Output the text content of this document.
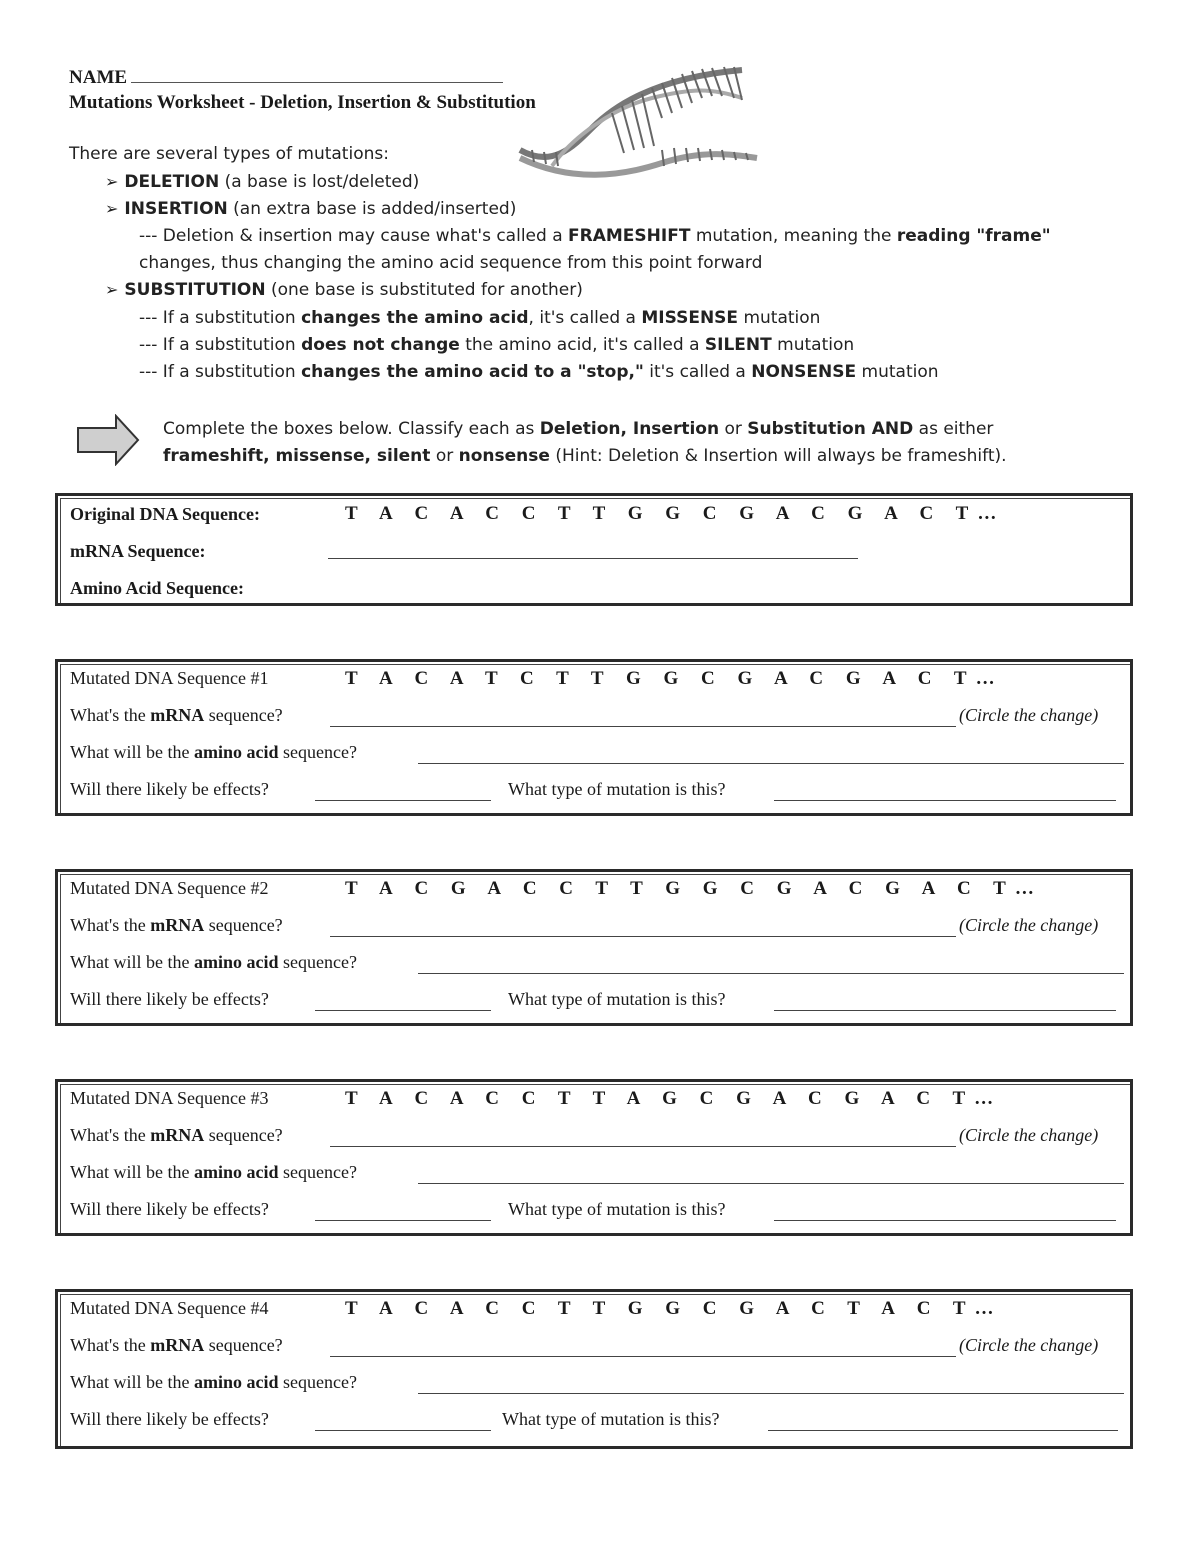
NAME
Mutations Worksheet - Deletion, Insertion & Substitution
There are several types of mutations:
➢ DELETION (a base is lost/deleted)
➢ INSERTION (an extra base is added/inserted)
--- Deletion & insertion may cause what's called a FRAMESHIFT mutation, meaning the reading "frame"
changes, thus changing the amino acid sequence from this point forward
➢ SUBSTITUTION (one base is substituted for another)
--- If a substitution changes the amino acid, it's called a MISSENSE mutation
--- If a substitution does not change the amino acid, it's called a SILENT mutation
--- If a substitution changes the amino acid to a "stop," it's called a NONSENSE mutation
Complete the boxes below. Classify each as Deletion, Insertion or Substitution AND as either
frameshift, missense, silent or nonsense (Hint: Deletion & Insertion will always be frameshift).
Original DNA Sequence:	T A C A C C T T G G C G A C G A C T…
mRNA Sequence:
Amino Acid Sequence:
Mutated DNA Sequence #1	T A C A T C T T G G C G A C G A C T…
What's the mRNA sequence?	(Circle the change)
What will be the amino acid sequence?
Will there likely be effects?	What type of mutation is this?
Mutated DNA Sequence #2	T A C G A C C T T G G C G A C G A C T…
What's the mRNA sequence?	(Circle the change)
What will be the amino acid sequence?
Will there likely be effects?	What type of mutation is this?
Mutated DNA Sequence #3	T A C A C C T T A G C G A C G A C T…
What's the mRNA sequence?	(Circle the change)
What will be the amino acid sequence?
Will there likely be effects?	What type of mutation is this?
Mutated DNA Sequence #4	T A C A C C T T G G C G A C T A C T…
What's the mRNA sequence?	(Circle the change)
What will be the amino acid sequence?
Will there likely be effects?	What type of mutation is this?
